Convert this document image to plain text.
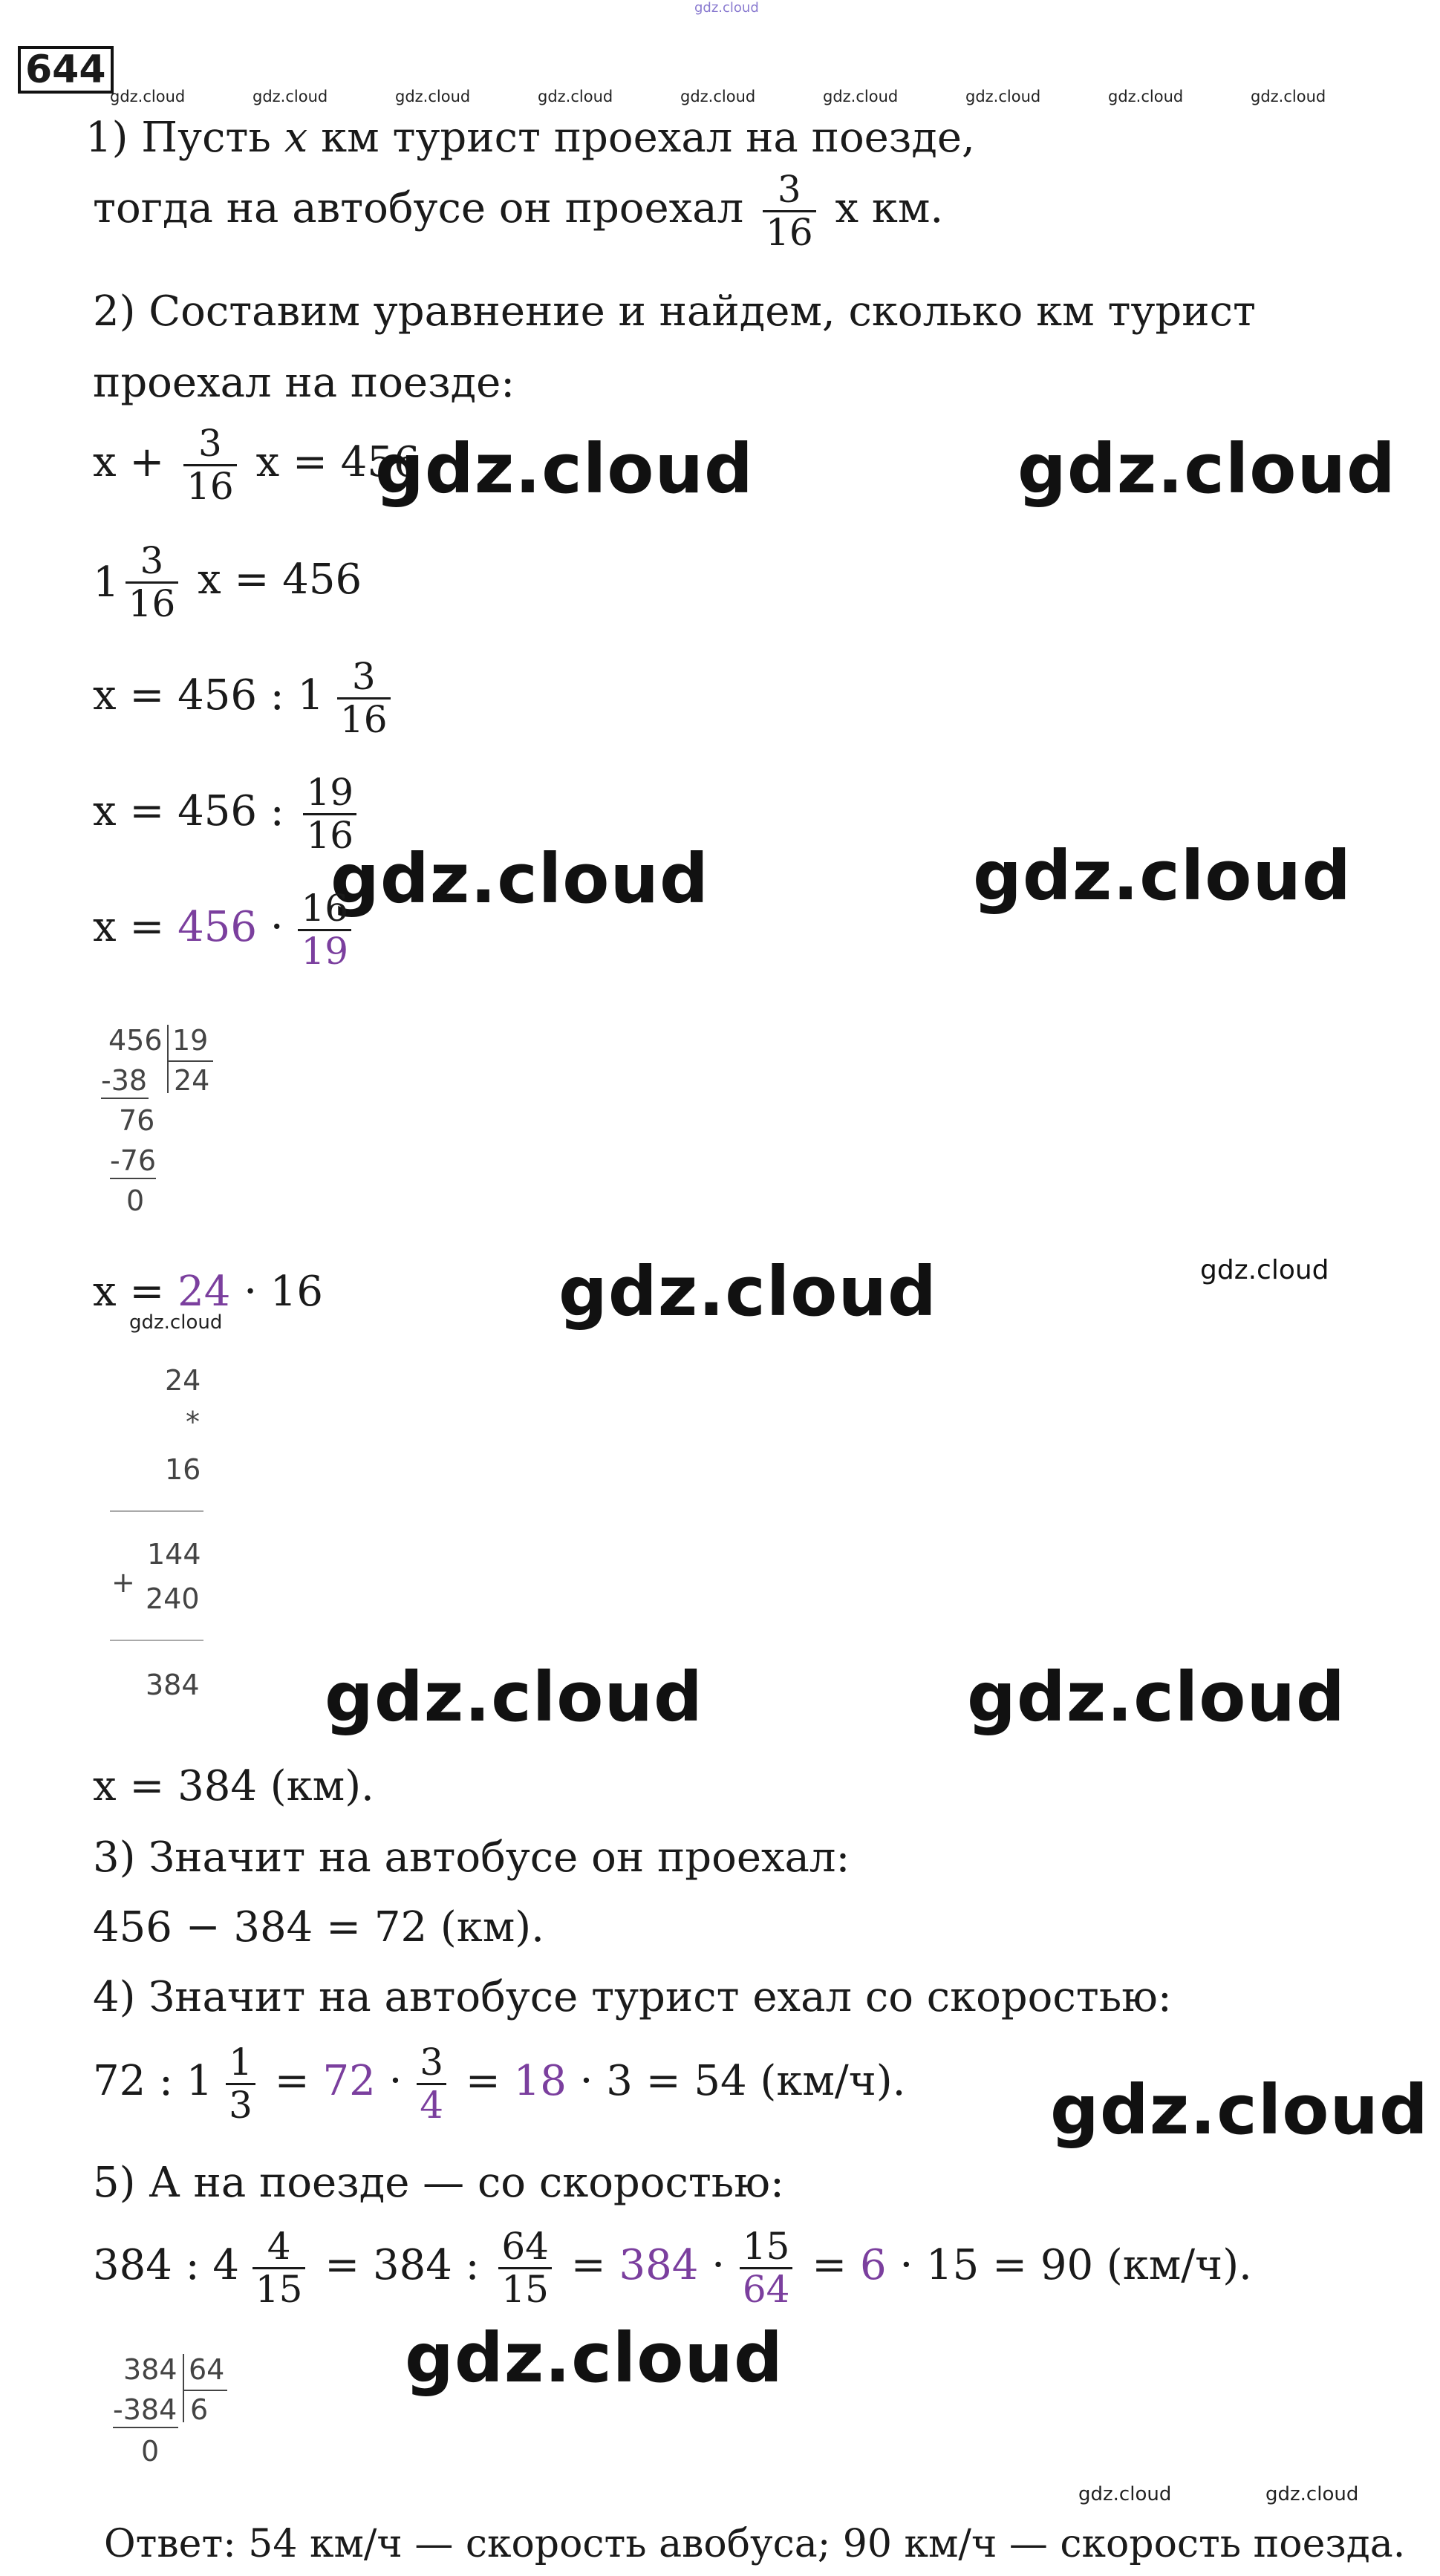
gdz.cloud
644
gdz.cloud	gdz.cloud	gdz.cloud	gdz.cloud	gdz.cloud	gdz.cloud	gdz.cloud	gdz.cloud	gdz.cloud
1) Пусть x км турист проехал на поезде,
тогда на автобусе он проехал $\frac{3}{16}$ x км.
2) Составим уравнение и найдем, сколько км турист
проехал на поезде:
$x + \frac{3}{16}$ x = 456
gdz.cloud	gdz.cloud
$1 \frac{3}{16}$ x = 456
x = 456 : $1 \frac{3}{16}$
x = 456 : $\frac{19}{16}$
gdz.cloud	gdz.cloud
$x = 456 \cdot \frac{16}{19}$
456 19
-38 24
76
-76
0
x = 24 · 16
gdz.cloud	gdz.cloud	gdz.cloud
24
*
16
144
+ 240
384 gdz.cloud	gdz.cloud
x = 384 (км).
3) Значит на автобусе он проехал:
456 − 384 = 72 (км).
4) Значит на автобусе турист ехал со скоростью:
72 : $1 \frac{1}{3} = 72 \cdot \frac{3}{4} = 18 \cdot 3 = 54$ (км/ч). gdz.cloud
5) А на поезде — со скоростью:
384 : $4 \frac{4}{15} = 384$ : $\frac{64}{15} = 384 \cdot \frac{15}{64} = 6 \cdot 15 = 90$ (км/ч).
384 64
-384 6
0
gdz.cloud
gdz.cloud	gdz.cloud
Ответ: 54 км/ч — скорость авобуса; 90 км/ч — скорость поезда.
